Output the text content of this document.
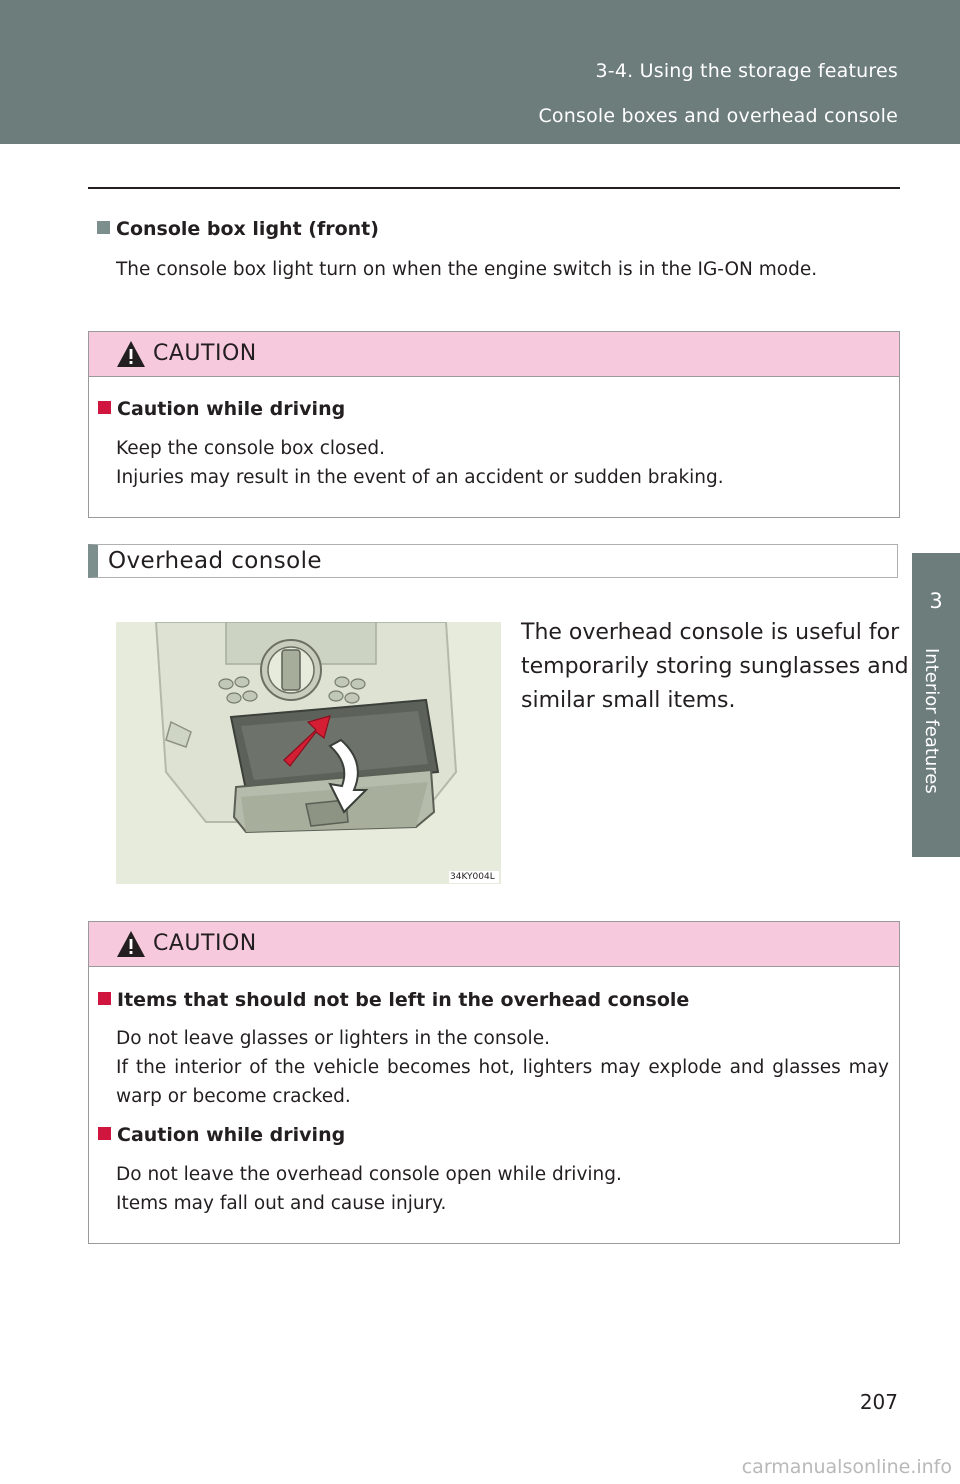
3-4. Using the storage features
Console boxes and overhead console
3
Interior features
Console box light (front)
The console box light turn on when the engine switch is in the IG-ON mode.
CAUTION
Caution while driving
Keep the console box closed.
Injuries may result in the event of an accident or sudden braking.
Overhead console
34KY004L
The overhead console is useful for
temporarily storing sunglasses and
similar small items.
CAUTION
Items that should not be left in the overhead console
Do not leave glasses or lighters in the console.
If the interior of the vehicle becomes hot, lighters may explode and glasses may
warp or become cracked.
Caution while driving
Do not leave the overhead console open while driving.
Items may fall out and cause injury.
207
carmanualsonline.info
